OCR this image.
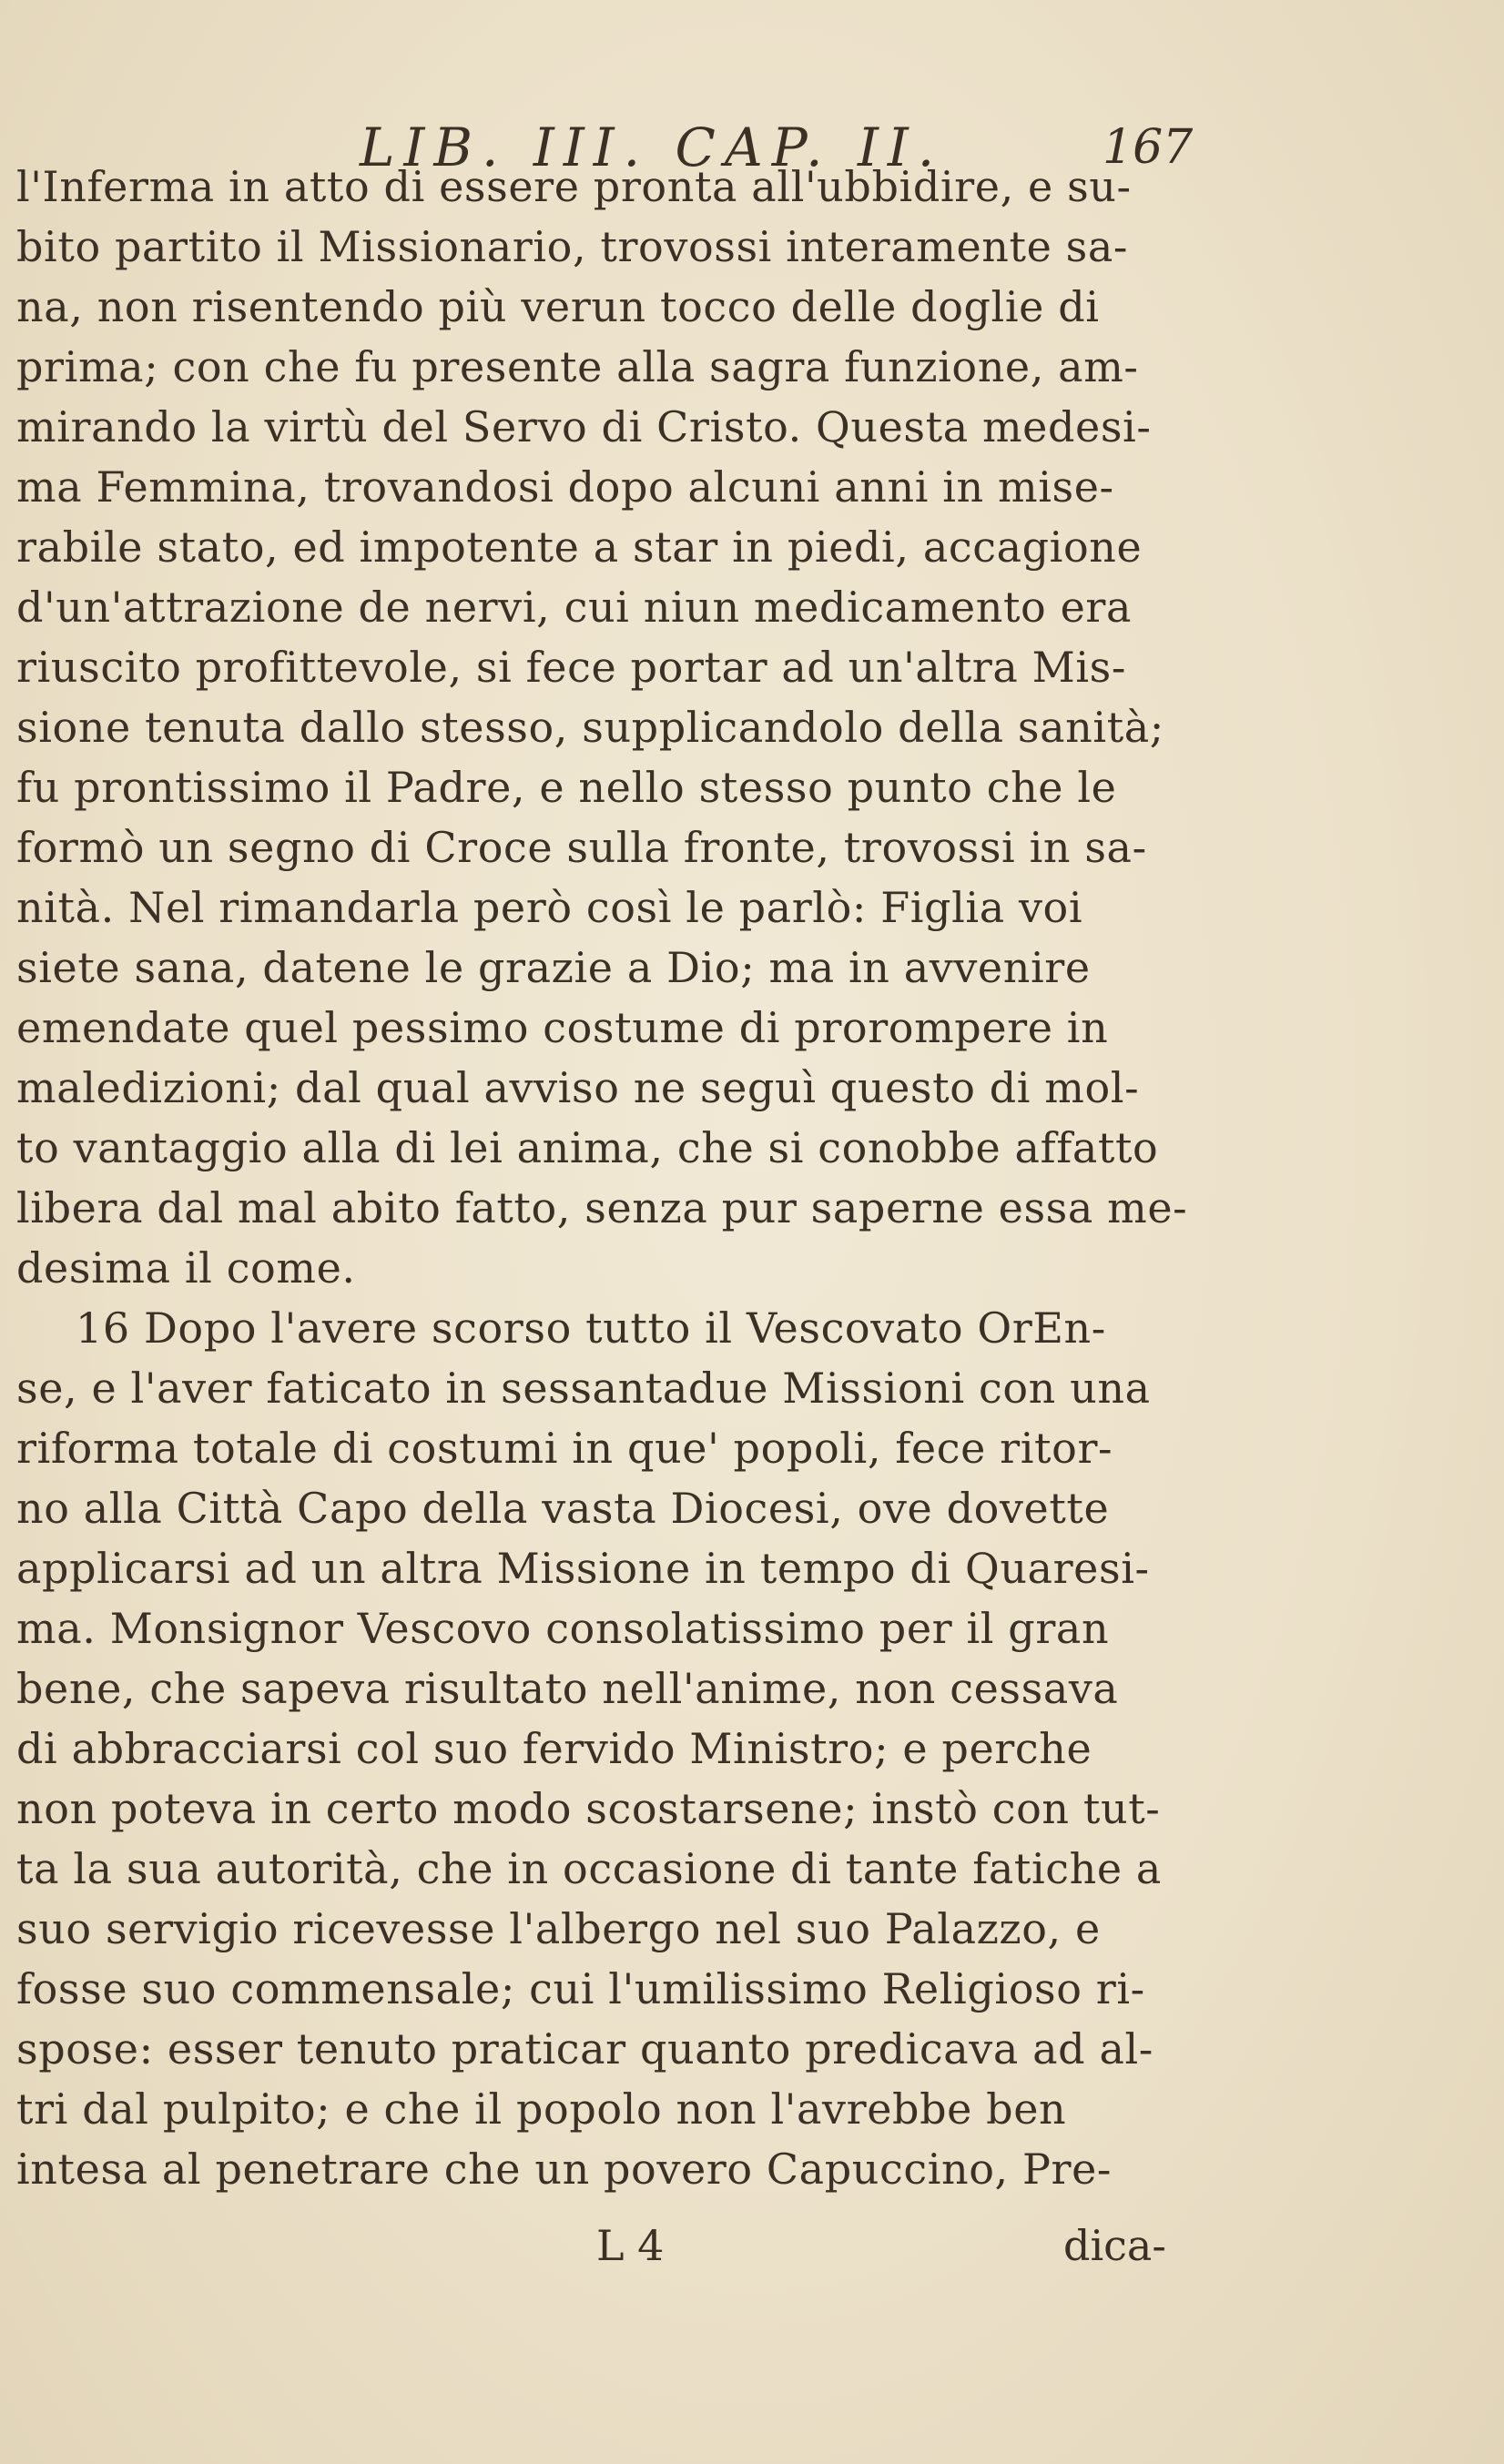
LIB. III. CAP. II.	167
l'Inferma in atto di essere pronta all'ubbidire, e su-
bito partito il Missionario, trovossi interamente sa-
na, non risentendo più verun tocco delle doglie di
prima; con che fu presente alla sagra funzione, am-
mirando la virtù del Servo di Cristo. Questa medesi-
ma Femmina, trovandosi dopo alcuni anni in mise-
rabile stato, ed impotente a star in piedi, accagione
d'un'attrazione de nervi, cui niun medicamento era
riuscito profittevole, si fece portar ad un'altra Mis-
sione tenuta dallo stesso, supplicandolo della sanità;
fu prontissimo il Padre, e nello stesso punto che le
formò un segno di Croce sulla fronte, trovossi in sa-
nità. Nel rimandarla però così le parlò: Figlia voi
siete sana, datene le grazie a Dio; ma in avvenire
emendate quel pessimo costume di prorompere in
maledizioni; dal qual avviso ne seguì questo di mol-
to vantaggio alla di lei anima, che si conobbe affatto
libera dal mal abito fatto, senza pur saperne essa me-
desima il come.
16 Dopo l'avere scorso tutto il Vescovato OrEn-
se, e l'aver faticato in sessantadue Missioni con una
riforma totale di costumi in que' popoli, fece ritor-
no alla Città Capo della vasta Diocesi, ove dovette
applicarsi ad un altra Missione in tempo di Quaresi-
ma. Monsignor Vescovo consolatissimo per il gran
bene, che sapeva risultato nell'anime, non cessava
di abbracciarsi col suo fervido Ministro; e perche
non poteva in certo modo scostarsene; instò con tut-
ta la sua autorità, che in occasione di tante fatiche a
suo servigio ricevesse l'albergo nel suo Palazzo, e
fosse suo commensale; cui l'umilissimo Religioso ri-
spose: esser tenuto praticar quanto predicava ad al-
tri dal pulpito; e che il popolo non l'avrebbe ben
intesa al penetrare che un povero Capuccino, Pre-
L 4	dica-
